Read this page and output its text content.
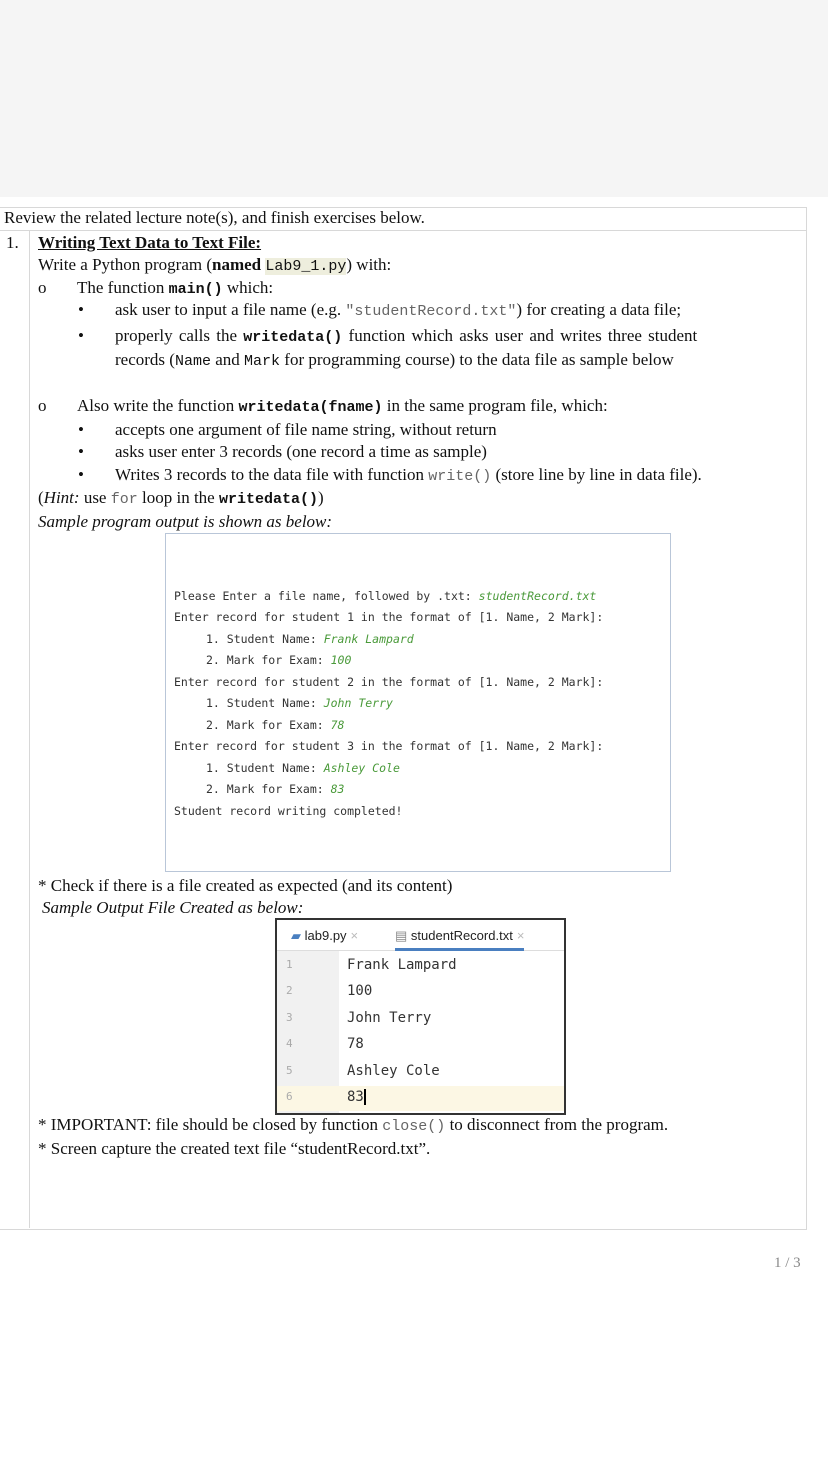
Review the related lecture note(s), and finish exercises below.
1. Writing Text Data to Text File:
Write a Python program (named Lab9_1.py) with:
o The function main() which:
• ask user to input a file name (e.g. "studentRecord.txt") for creating a data file;
• properly calls the writedata() function which asks user and writes three student
records (Name and Mark for programming course) to the data file as sample below
o Also write the function writedata(fname) in the same program file, which:
• accepts one argument of file name string, without return
• asks user enter 3 records (one record a time as sample)
• Writes 3 records to the data file with function write() (store line by line in data file).
(Hint: use for loop in the writedata())
Sample program output is shown as below:
Please Enter a file name, followed by .txt: studentRecord.txt
Enter record for student 1 in the format of [1. Name, 2 Mark]:
1. Student Name: Frank Lampard
2. Mark for Exam: 100
Enter record for student 2 in the format of [1. Name, 2 Mark]:
1. Student Name: John Terry
2. Mark for Exam: 78
Enter record for student 3 in the format of [1. Name, 2 Mark]:
1. Student Name: Ashley Cole
2. Mark for Exam: 83
Student record writing completed!
* Check if there is a file created as expected (and its content)
Sample Output File Created as below:
▰ lab9.py ×	▤ studentRecord.txt ×
1	Frank Lampard
2	100
3	John Terry
4	78
5	Ashley Cole
6	83
* IMPORTANT: file should be closed by function close() to disconnect from the program.
* Screen capture the created text file “studentRecord.txt”.
1 / 3
